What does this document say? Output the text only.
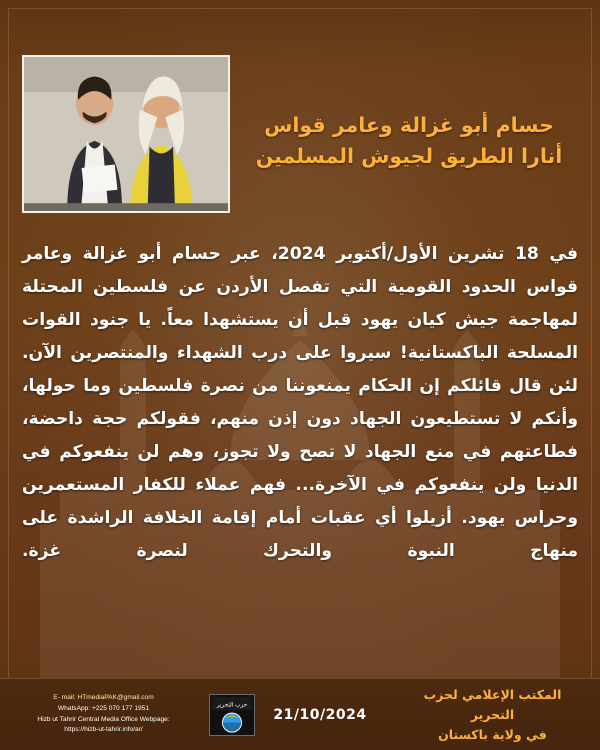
حسام أبو غزالة وعامر قواس
أنارا الطريق لجيوش المسلمين
في 18 تشرين الأول/أكتوبر 2024، عبر حسام أبو غزالة وعامر قواس الحدود القومية التي تفصل الأردن عن فلسطين المحتلة لمهاجمة جيش كيان يهود قبل أن يستشهدا معاً. يا جنود القوات المسلحة الباكستانية! سيروا على درب الشهداء والمنتصرين الآن. لئن قال قائلكم إن الحكام يمنعوننا من نصرة فلسطين وما حولها، وأنكم لا تستطيعون الجهاد دون إذن منهم، فقولكم حجة داحضة، فطاعتهم في منع الجهاد لا تصح ولا تجوز، وهم لن ينفعوكم في الدنيا ولن ينفعوكم في الآخرة... فهم عملاء للكفار المستعمرين وحراس يهود. أزيلوا أي عقبات أمام إقامة الخلافة الراشدة على منهاج النبوة والتحرك لنصرة غزة.
المكتب الإعلامي لحزب التحرير
في ولاية باكستان
21/10/2024
E- mail: HTmediaPAK@gmail.com
WhatsApp: +225 070 177 1951
Hizb ut Tahrir Central Media Office Webpage:
https://hizb-ut-tahrir.info/ar/
حزب التحرير
